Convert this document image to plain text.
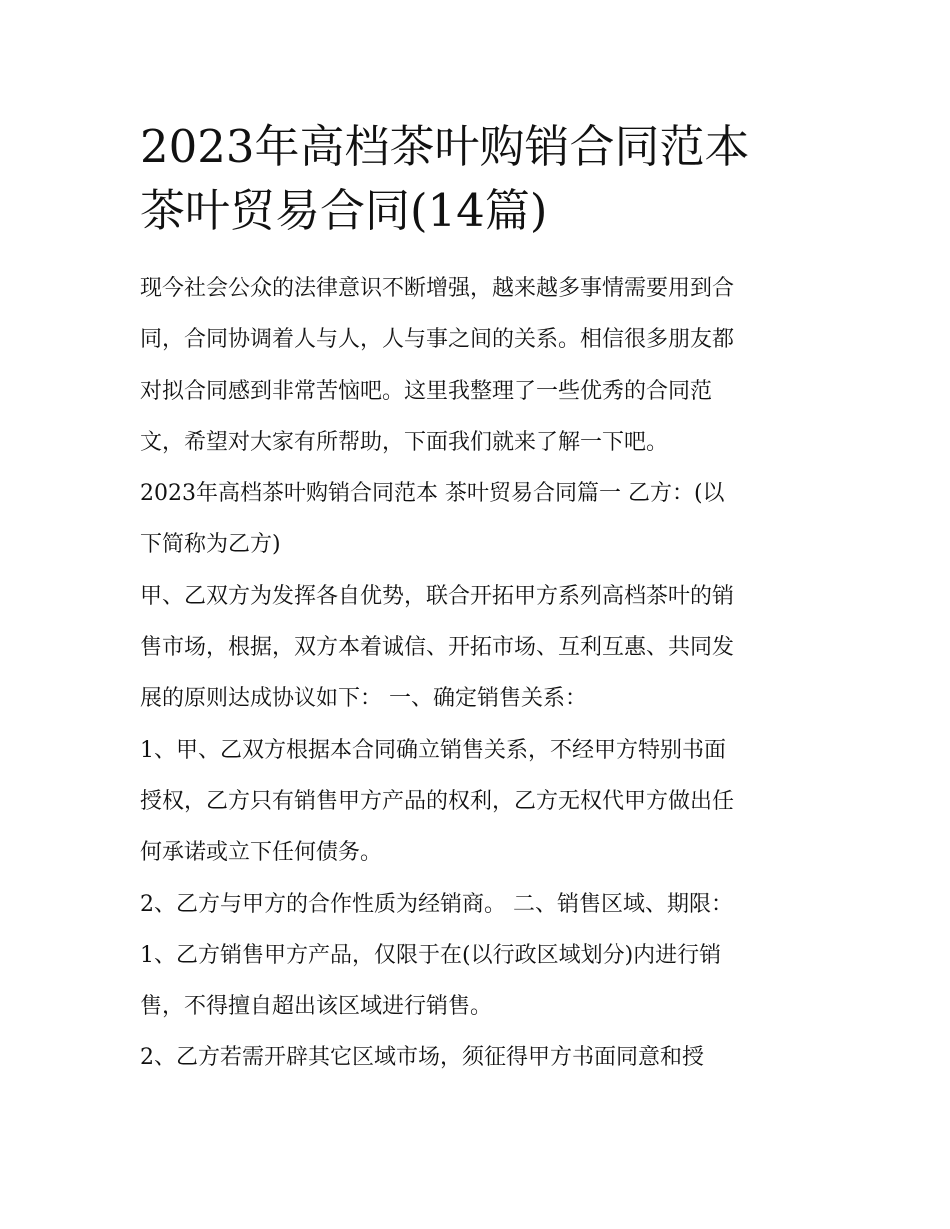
2023年高档茶叶购销合同范本
茶叶贸易合同(14篇)
现今社会公众的法律意识不断增强，越来越多事情需要用到合
同，合同协调着人与人，人与事之间的关系。相信很多朋友都
对拟合同感到非常苦恼吧。这里我整理了一些优秀的合同范
文，希望对大家有所帮助，下面我们就来了解一下吧。
2023年高档茶叶购销合同范本 茶叶贸易合同篇一 乙方：(以
下简称为乙方)
甲、乙双方为发挥各自优势，联合开拓甲方系列高档茶叶的销
售市场，根据，双方本着诚信、开拓市场、互利互惠、共同发
展的原则达成协议如下： 一、确定销售关系：
1、甲、乙双方根据本合同确立销售关系，不经甲方特别书面
授权，乙方只有销售甲方产品的权利，乙方无权代甲方做出任
何承诺或立下任何债务。
2、乙方与甲方的合作性质为经销商。 二、销售区域、期限：
1、乙方销售甲方产品，仅限于在(以行政区域划分)内进行销
售，不得擅自超出该区域进行销售。
2、乙方若需开辟其它区域市场，须征得甲方书面同意和授
